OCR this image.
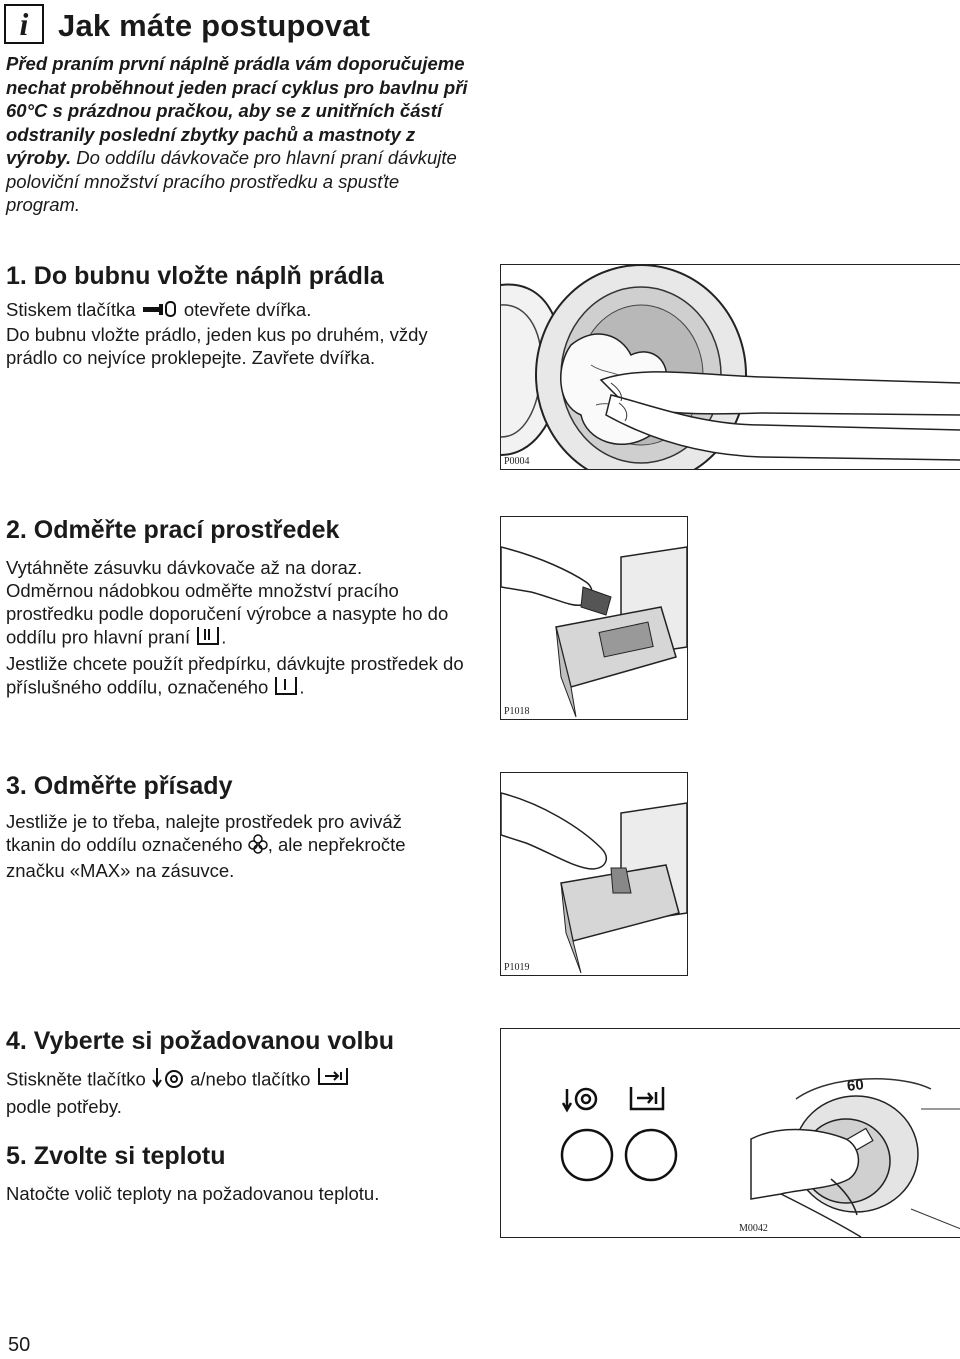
i Jak máte postupovat
Před praním první náplně prádla vám doporučujeme nechat proběhnout jeden prací cyklus pro bavlnu při 60°C s prázdnou pračkou, aby se z unitřních částí odstranily poslední zbytky pachů a mastnoty z výroby. Do oddílu dávkovače pro hlavní praní dávkujte poloviční množství pracího prostředku a spusťte program.
1. Do bubnu vložte náplň prádla
Stiskem tlačítka  otevřete dvířka.
Do bubnu vložte prádlo, jeden kus po druhém, vždy prádlo co nejvíce proklepejte. Zavřete dvířka.
P0004
2. Odměřte prací prostředek
Vytáhněte zásuvku dávkovače až na doraz.
Odměrnou nádobkou odměřte množství pracího prostředku podle doporučení výrobce a nasypte ho do oddílu pro hlavní praní .
Jestliže chcete použít předpírku, dávkujte prostředek do příslušného oddílu, označeného .
P1018
3. Odměřte přísady
Jestliže je to třeba, nalejte prostředek pro aviváž tkanin do oddílu označeného , ale nepřekročte značku «MAX» na zásuvce.
P1019
4. Vyberte si požadovanou volbu
Stiskněte tlačítko  a/nebo tlačítko
podle potřeby.
60
M0042
5. Zvolte si teplotu
Natočte volič teploty na požadovanou teplotu.
50
